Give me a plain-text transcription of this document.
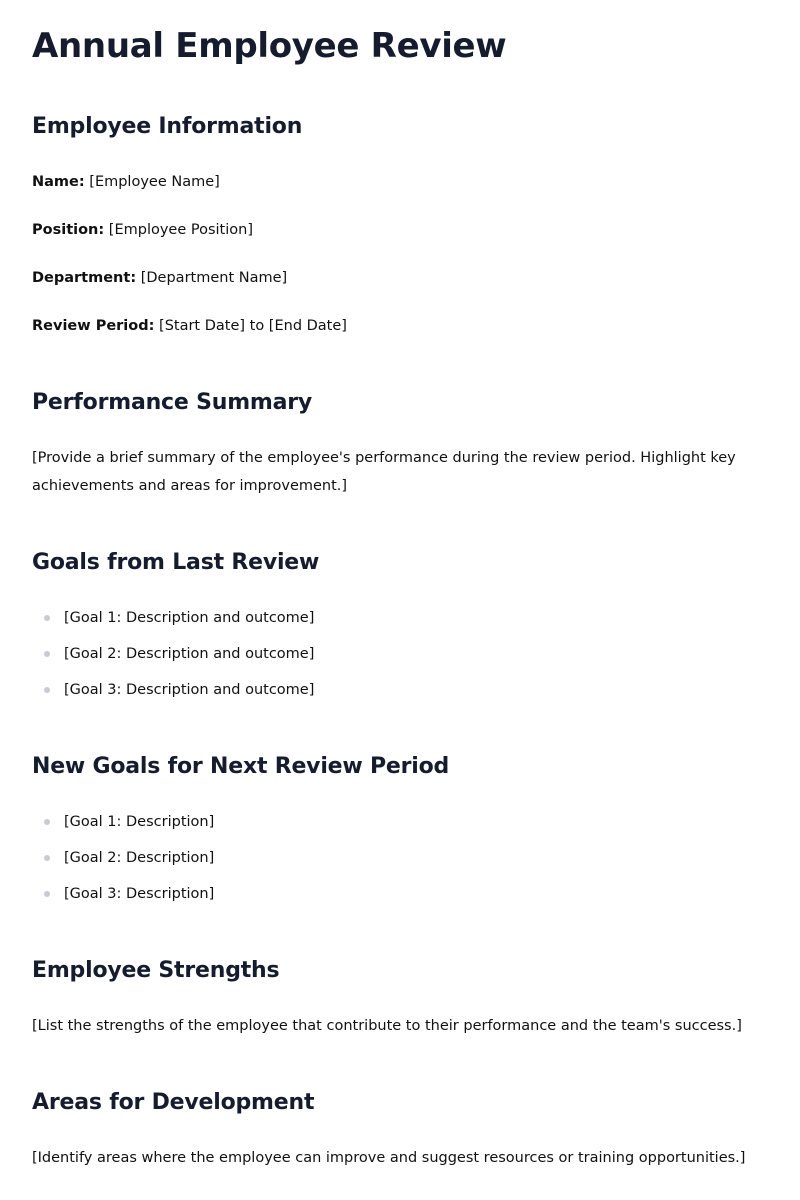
Annual Employee Review
Employee Information

Name: [Employee Name]

Position: [Employee Position]

Department: [Department Name]

Review Period: [Start Date] to [End Date]

Performance Summary

[Provide a brief summary of the employee's performance during the review period. Highlight key achievements and areas for improvement.]

Goals from Last Review
[Goal 1: Description and outcome]
[Goal 2: Description and outcome]
[Goal 3: Description and outcome]
New Goals for Next Review Period
[Goal 1: Description]
[Goal 2: Description]
[Goal 3: Description]
Employee Strengths

[List the strengths of the employee that contribute to their performance and the team's success.]

Areas for Development

[Identify areas where the employee can improve and suggest resources or training opportunities.]
